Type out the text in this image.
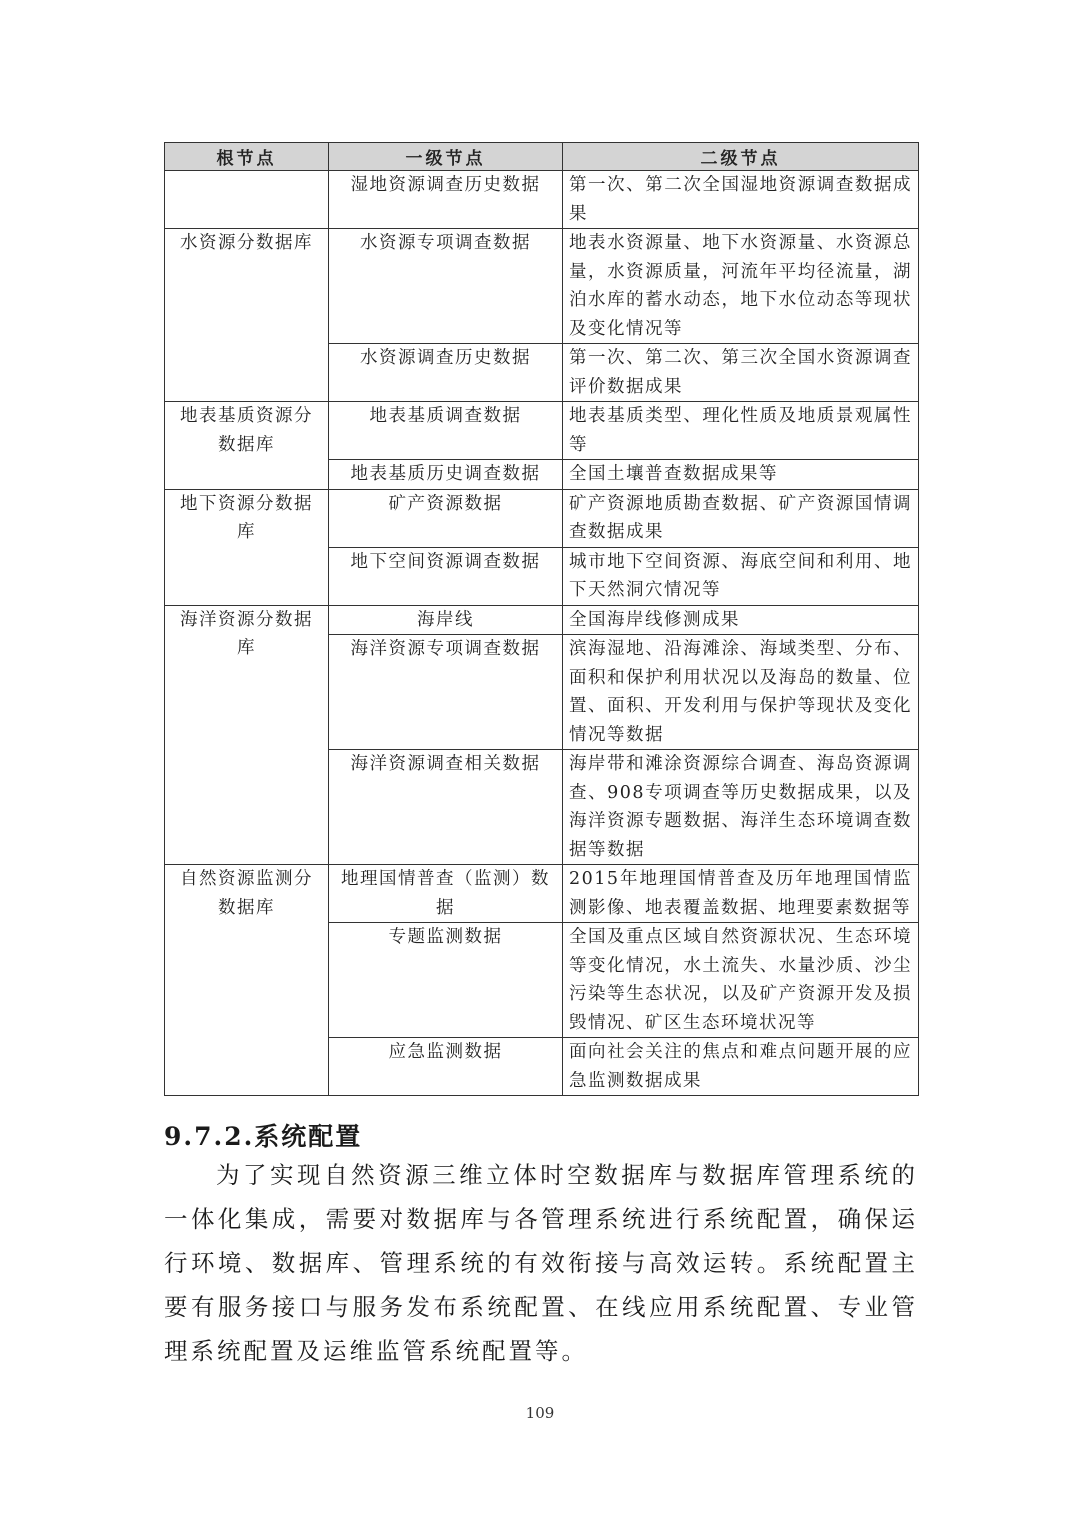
根节点	一级节点	二级节点
	湿地资源调查历史数据	第一次、第二次全国湿地资源调查数据成果
水资源分数据库	水资源专项调查数据	地表水资源量、地下水资源量、水资源总量，水资源质量，河流年平均径流量，湖泊水库的蓄水动态，地下水位动态等现状及变化情况等
	水资源调查历史数据	第一次、第二次、第三次全国水资源调查评价数据成果
地表基质资源分数据库	地表基质调查数据	地表基质类型、理化性质及地质景观属性等
	地表基质历史调查数据	全国土壤普查数据成果等
地下资源分数据库	矿产资源数据	矿产资源地质勘查数据、矿产资源国情调查数据成果
	地下空间资源调查数据	城市地下空间资源、海底空间和利用、地下天然洞穴情况等
海洋资源分数据库	海岸线	全国海岸线修测成果
	海洋资源专项调查数据	滨海湿地、沿海滩涂、海域类型、分布、面积和保护利用状况以及海岛的数量、位置、面积、开发利用与保护等现状及变化情况等数据
	海洋资源调查相关数据	海岸带和滩涂资源综合调查、海岛资源调查、908专项调查等历史数据成果，以及海洋资源专题数据、海洋生态环境调查数据等数据
自然资源监测分数据库	地理国情普查（监测）数据	2015年地理国情普查及历年地理国情监测影像、地表覆盖数据、地理要素数据等
	专题监测数据	全国及重点区域自然资源状况、生态环境等变化情况，水土流失、水量沙质、沙尘污染等生态状况，以及矿产资源开发及损毁情况、矿区生态环境状况等
	应急监测数据	面向社会关注的焦点和难点问题开展的应急监测数据成果
9.7.2.系统配置

为了实现自然资源三维立体时空数据库与数据库管理系统的一体化集成，需要对数据库与各管理系统进行系统配置，确保运行环境、数据库、管理系统的有效衔接与高效运转。系统配置主要有服务接口与服务发布系统配置、在线应用系统配置、专业管理系统配置及运维监管系统配置等。

109
